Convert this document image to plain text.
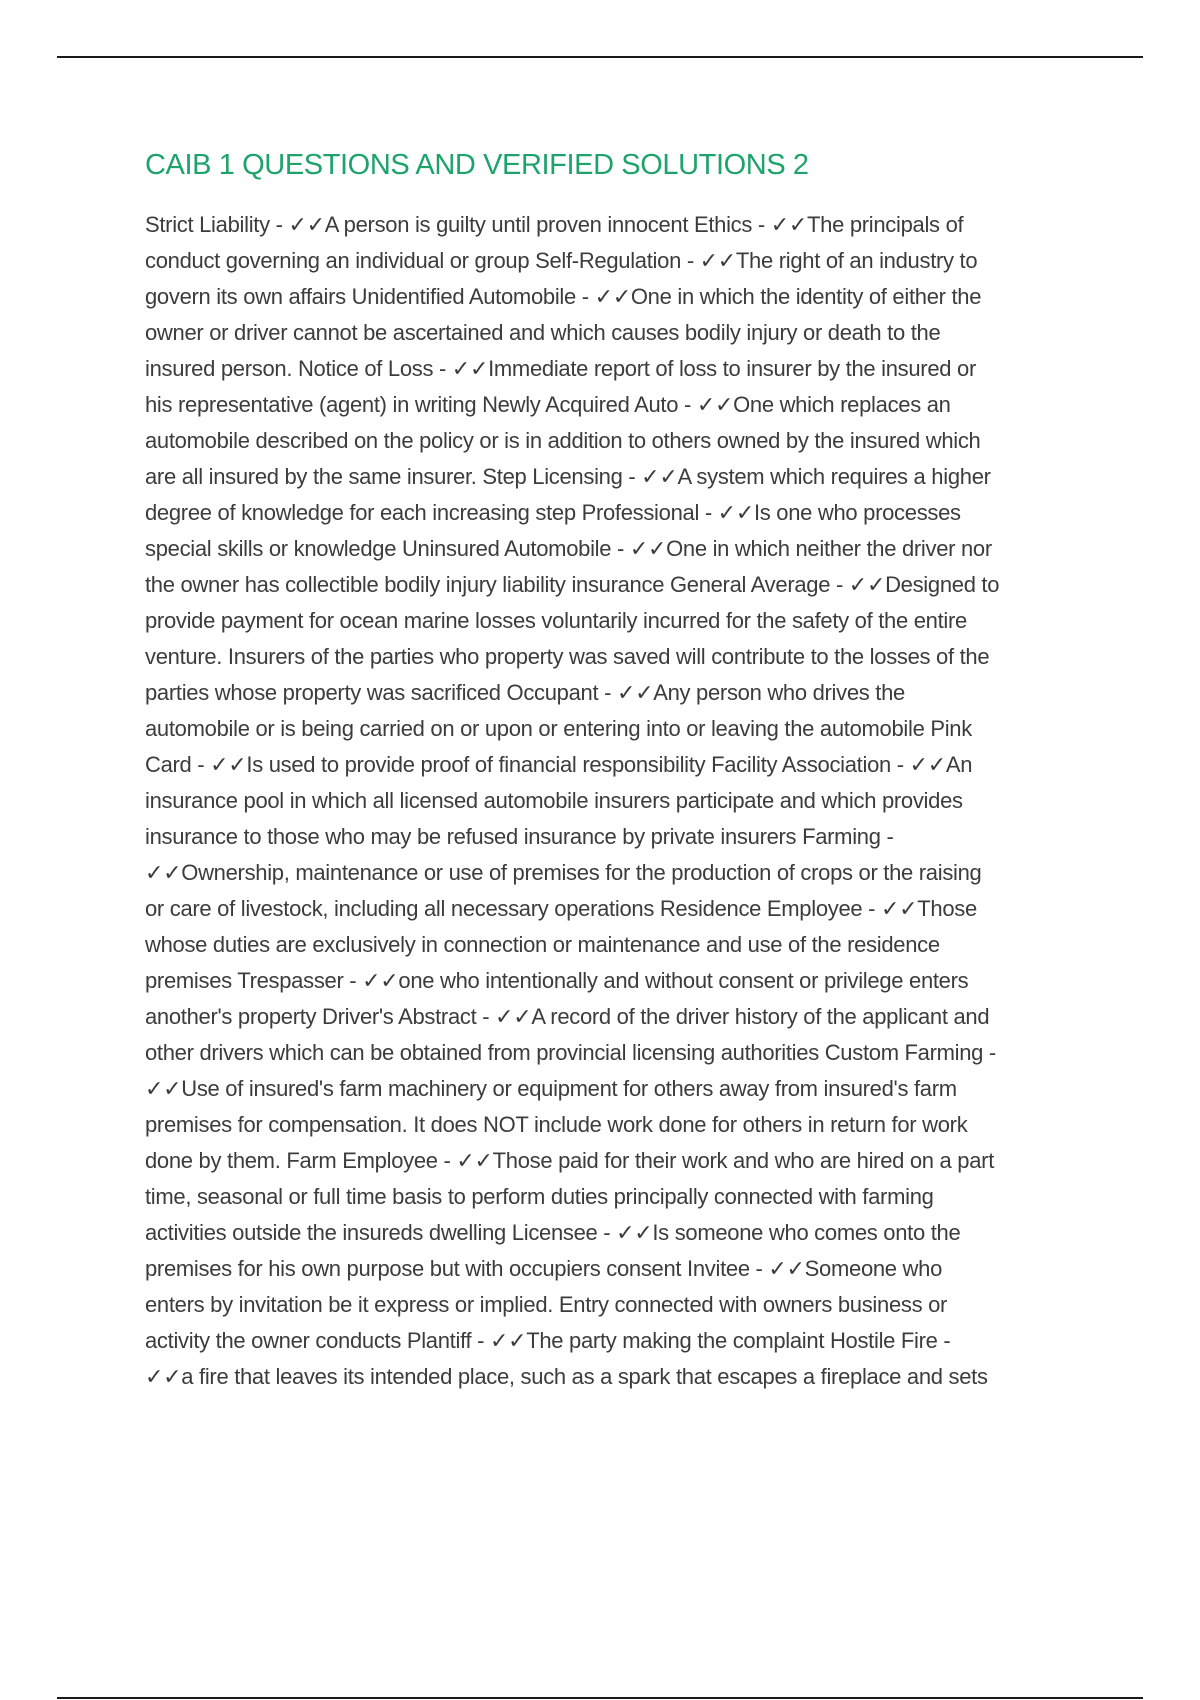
CAIB 1 QUESTIONS AND VERIFIED SOLUTIONS 2
Strict Liability - ✓✓A person is guilty until proven innocent Ethics - ✓✓The principals of
conduct governing an individual or group Self-Regulation - ✓✓The right of an industry to
govern its own affairs Unidentified Automobile - ✓✓One in which the identity of either the
owner or driver cannot be ascertained and which causes bodily injury or death to the
insured person. Notice of Loss - ✓✓Immediate report of loss to insurer by the insured or
his representative (agent) in writing Newly Acquired Auto - ✓✓One which replaces an
automobile described on the policy or is in addition to others owned by the insured which
are all insured by the same insurer. Step Licensing - ✓✓A system which requires a higher
degree of knowledge for each increasing step Professional - ✓✓Is one who processes
special skills or knowledge Uninsured Automobile - ✓✓One in which neither the driver nor
the owner has collectible bodily injury liability insurance General Average - ✓✓Designed to
provide payment for ocean marine losses voluntarily incurred for the safety of the entire
venture. Insurers of the parties who property was saved will contribute to the losses of the
parties whose property was sacrificed Occupant - ✓✓Any person who drives the
automobile or is being carried on or upon or entering into or leaving the automobile Pink
Card - ✓✓Is used to provide proof of financial responsibility Facility Association - ✓✓An
insurance pool in which all licensed automobile insurers participate and which provides
insurance to those who may be refused insurance by private insurers Farming -
✓✓Ownership, maintenance or use of premises for the production of crops or the raising
or care of livestock, including all necessary operations Residence Employee - ✓✓Those
whose duties are exclusively in connection or maintenance and use of the residence
premises Trespasser - ✓✓one who intentionally and without consent or privilege enters
another's property Driver's Abstract - ✓✓A record of the driver history of the applicant and
other drivers which can be obtained from provincial licensing authorities Custom Farming -
✓✓Use of insured's farm machinery or equipment for others away from insured's farm
premises for compensation. It does NOT include work done for others in return for work
done by them. Farm Employee - ✓✓Those paid for their work and who are hired on a part
time, seasonal or full time basis to perform duties principally connected with farming
activities outside the insureds dwelling Licensee - ✓✓Is someone who comes onto the
premises for his own purpose but with occupiers consent Invitee - ✓✓Someone who
enters by invitation be it express or implied. Entry connected with owners business or
activity the owner conducts Plantiff - ✓✓The party making the complaint Hostile Fire -
✓✓a fire that leaves its intended place, such as a spark that escapes a fireplace and sets
